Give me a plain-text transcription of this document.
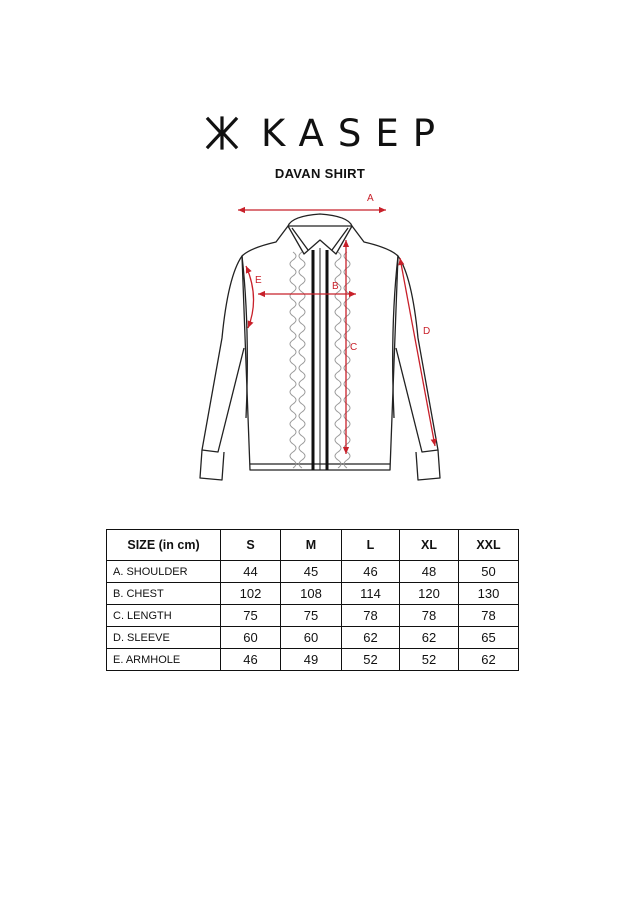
KASEP
DAVAN SHIRT
A
B
C
D
E
SIZE (in cm)	S	M	L	XL	XXL
A. SHOULDER	44	45	46	48	50
B. CHEST	102	108	114	120	130
C. LENGTH	75	75	78	78	78
D. SLEEVE	60	60	62	62	65
E. ARMHOLE	46	49	52	52	62
